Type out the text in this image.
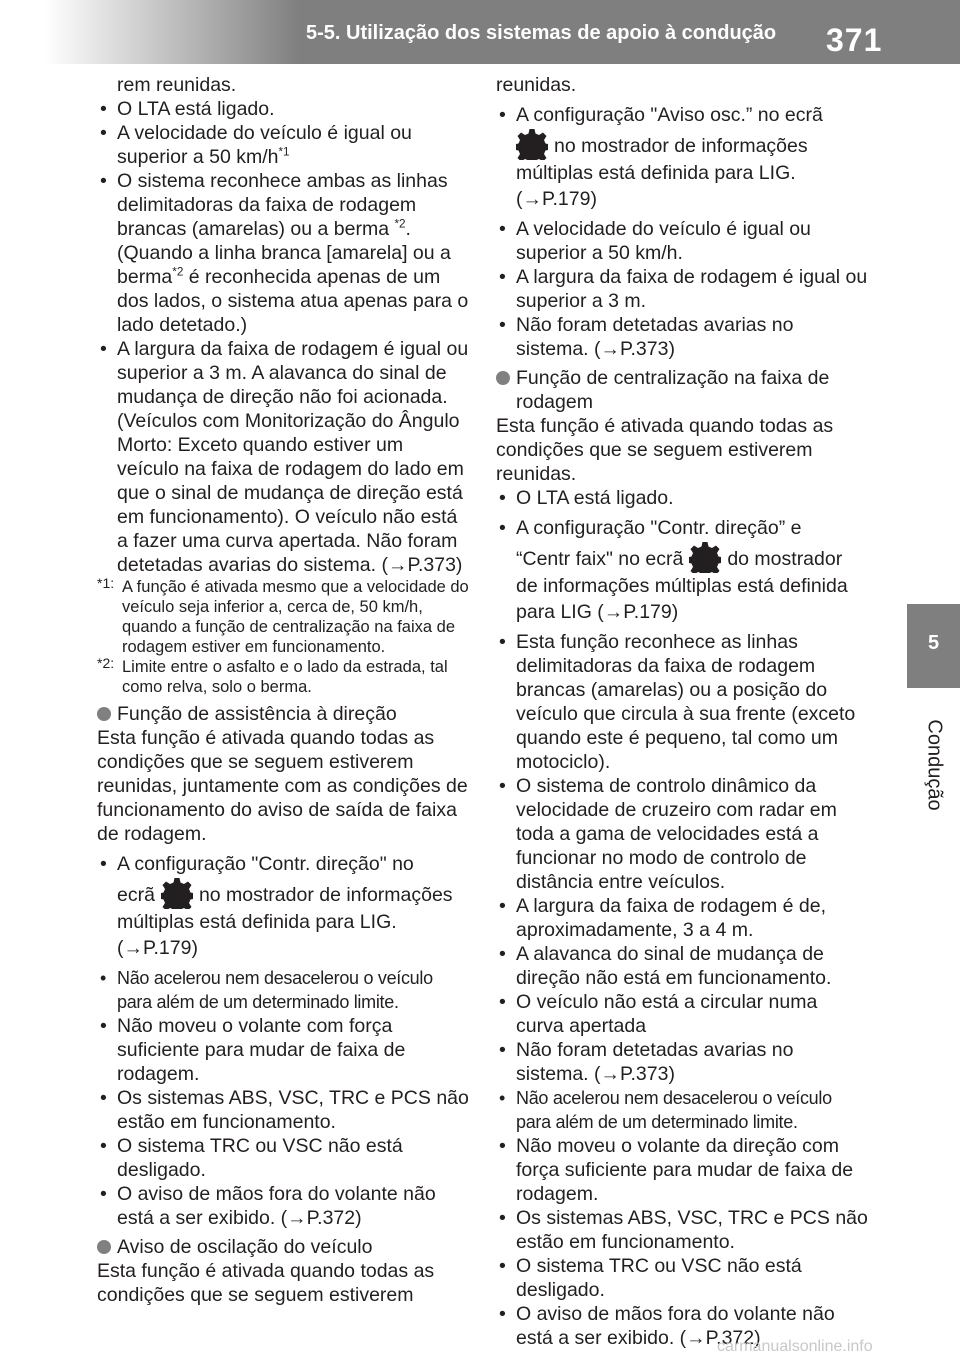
5-5. Utilização dos sistemas de apoio à condução 371
5
Condução
rem reunidas.
• O LTA está ligado.
• A velocidade do veículo é igual ou superior a 50 $km/h^{*1}$
• O sistema reconhece ambas as linhas delimitadoras da faixa de rodagem brancas (amarelas) ou a berma $^{*2}$. (Quando a linha branca [amarela] ou a berma$^{*2}$ é reconhecida apenas de um dos lados, o sistema atua apenas para o lado detetado.)
• A largura da faixa de rodagem é igual ou superior a 3 m. A alavanca do sinal de mudança de direção não foi acionada. (Veículos com Monitorização do Ângulo Morto: Exceto quando estiver um veículo na faixa de rodagem do lado em que o sinal de mudança de direção está em funcionamento). O veículo não está a fazer uma curva apertada. Não foram detetadas avarias do sistema. (→P.373)
*1: A função é ativada mesmo que a velocidade do veículo seja inferior a, cerca de, 50 km/h, quando a função de centralização na faixa de rodagem estiver em funcionamento.
*2: Limite entre o asfalto e o lado da estrada, tal como relva, solo o berma.
Função de assistência à direção
Esta função é ativada quando todas as condições que se seguem estiverem reunidas, juntamente com as condições de funcionamento do aviso de saída de faixa de rodagem.
• A configuração "Contr. direção" no
ecrã no mostrador de informações múltiplas está definida para LIG. (→P.179)
• Não acelerou nem desacelerou o veículo para além de um determinado limite.
• Não moveu o volante com força suficiente para mudar de faixa de rodagem.
• Os sistemas ABS, VSC, TRC e PCS não estão em funcionamento.
• O sistema TRC ou VSC não está desligado.
• O aviso de mãos fora do volante não está a ser exibido. (→P.372)
Aviso de oscilação do veículo
Esta função é ativada quando todas as condições que se seguem estiverem
reunidas.
• A configuração "Aviso osc.” no ecrã
no mostrador de informações múltiplas está definida para LIG.(→P.179)
• A velocidade do veículo é igual ou superior a 50 km/h.
• A largura da faixa de rodagem é igual ou superior a 3 m.
• Não foram detetadas avarias no sistema. (→P.373)
Função de centralização na faixa de rodagem
Esta função é ativada quando todas as condições que se seguem estiverem reunidas.
• O LTA está ligado.
• A configuração "Contr. direção” e
“Centr faix" no ecrã do mostrador de informações múltiplas está definida para LIG (→P.179)
• Esta função reconhece as linhas delimitadoras da faixa de rodagem brancas (amarelas) ou a posição do veículo que circula à sua frente (exceto quando este é pequeno, tal como um motociclo).
• O sistema de controlo dinâmico da velocidade de cruzeiro com radar em toda a gama de velocidades está a funcionar no modo de controlo de distância entre veículos.
• A largura da faixa de rodagem é de, aproximadamente, 3 a 4 m.
• A alavanca do sinal de mudança de direção não está em funcionamento.
• O veículo não está a circular numa curva apertada
• Não foram detetadas avarias no sistema. (→P.373)
• Não acelerou nem desacelerou o veículo para além de um determinado limite.
• Não moveu o volante da direção com força suficiente para mudar de faixa de rodagem.
• Os sistemas ABS, VSC, TRC e PCS não estão em funcionamento.
• O sistema TRC ou VSC não está desligado.
• O aviso de mãos fora do volante não está a ser exibido. (→P.372)
carmanualsonline.info
